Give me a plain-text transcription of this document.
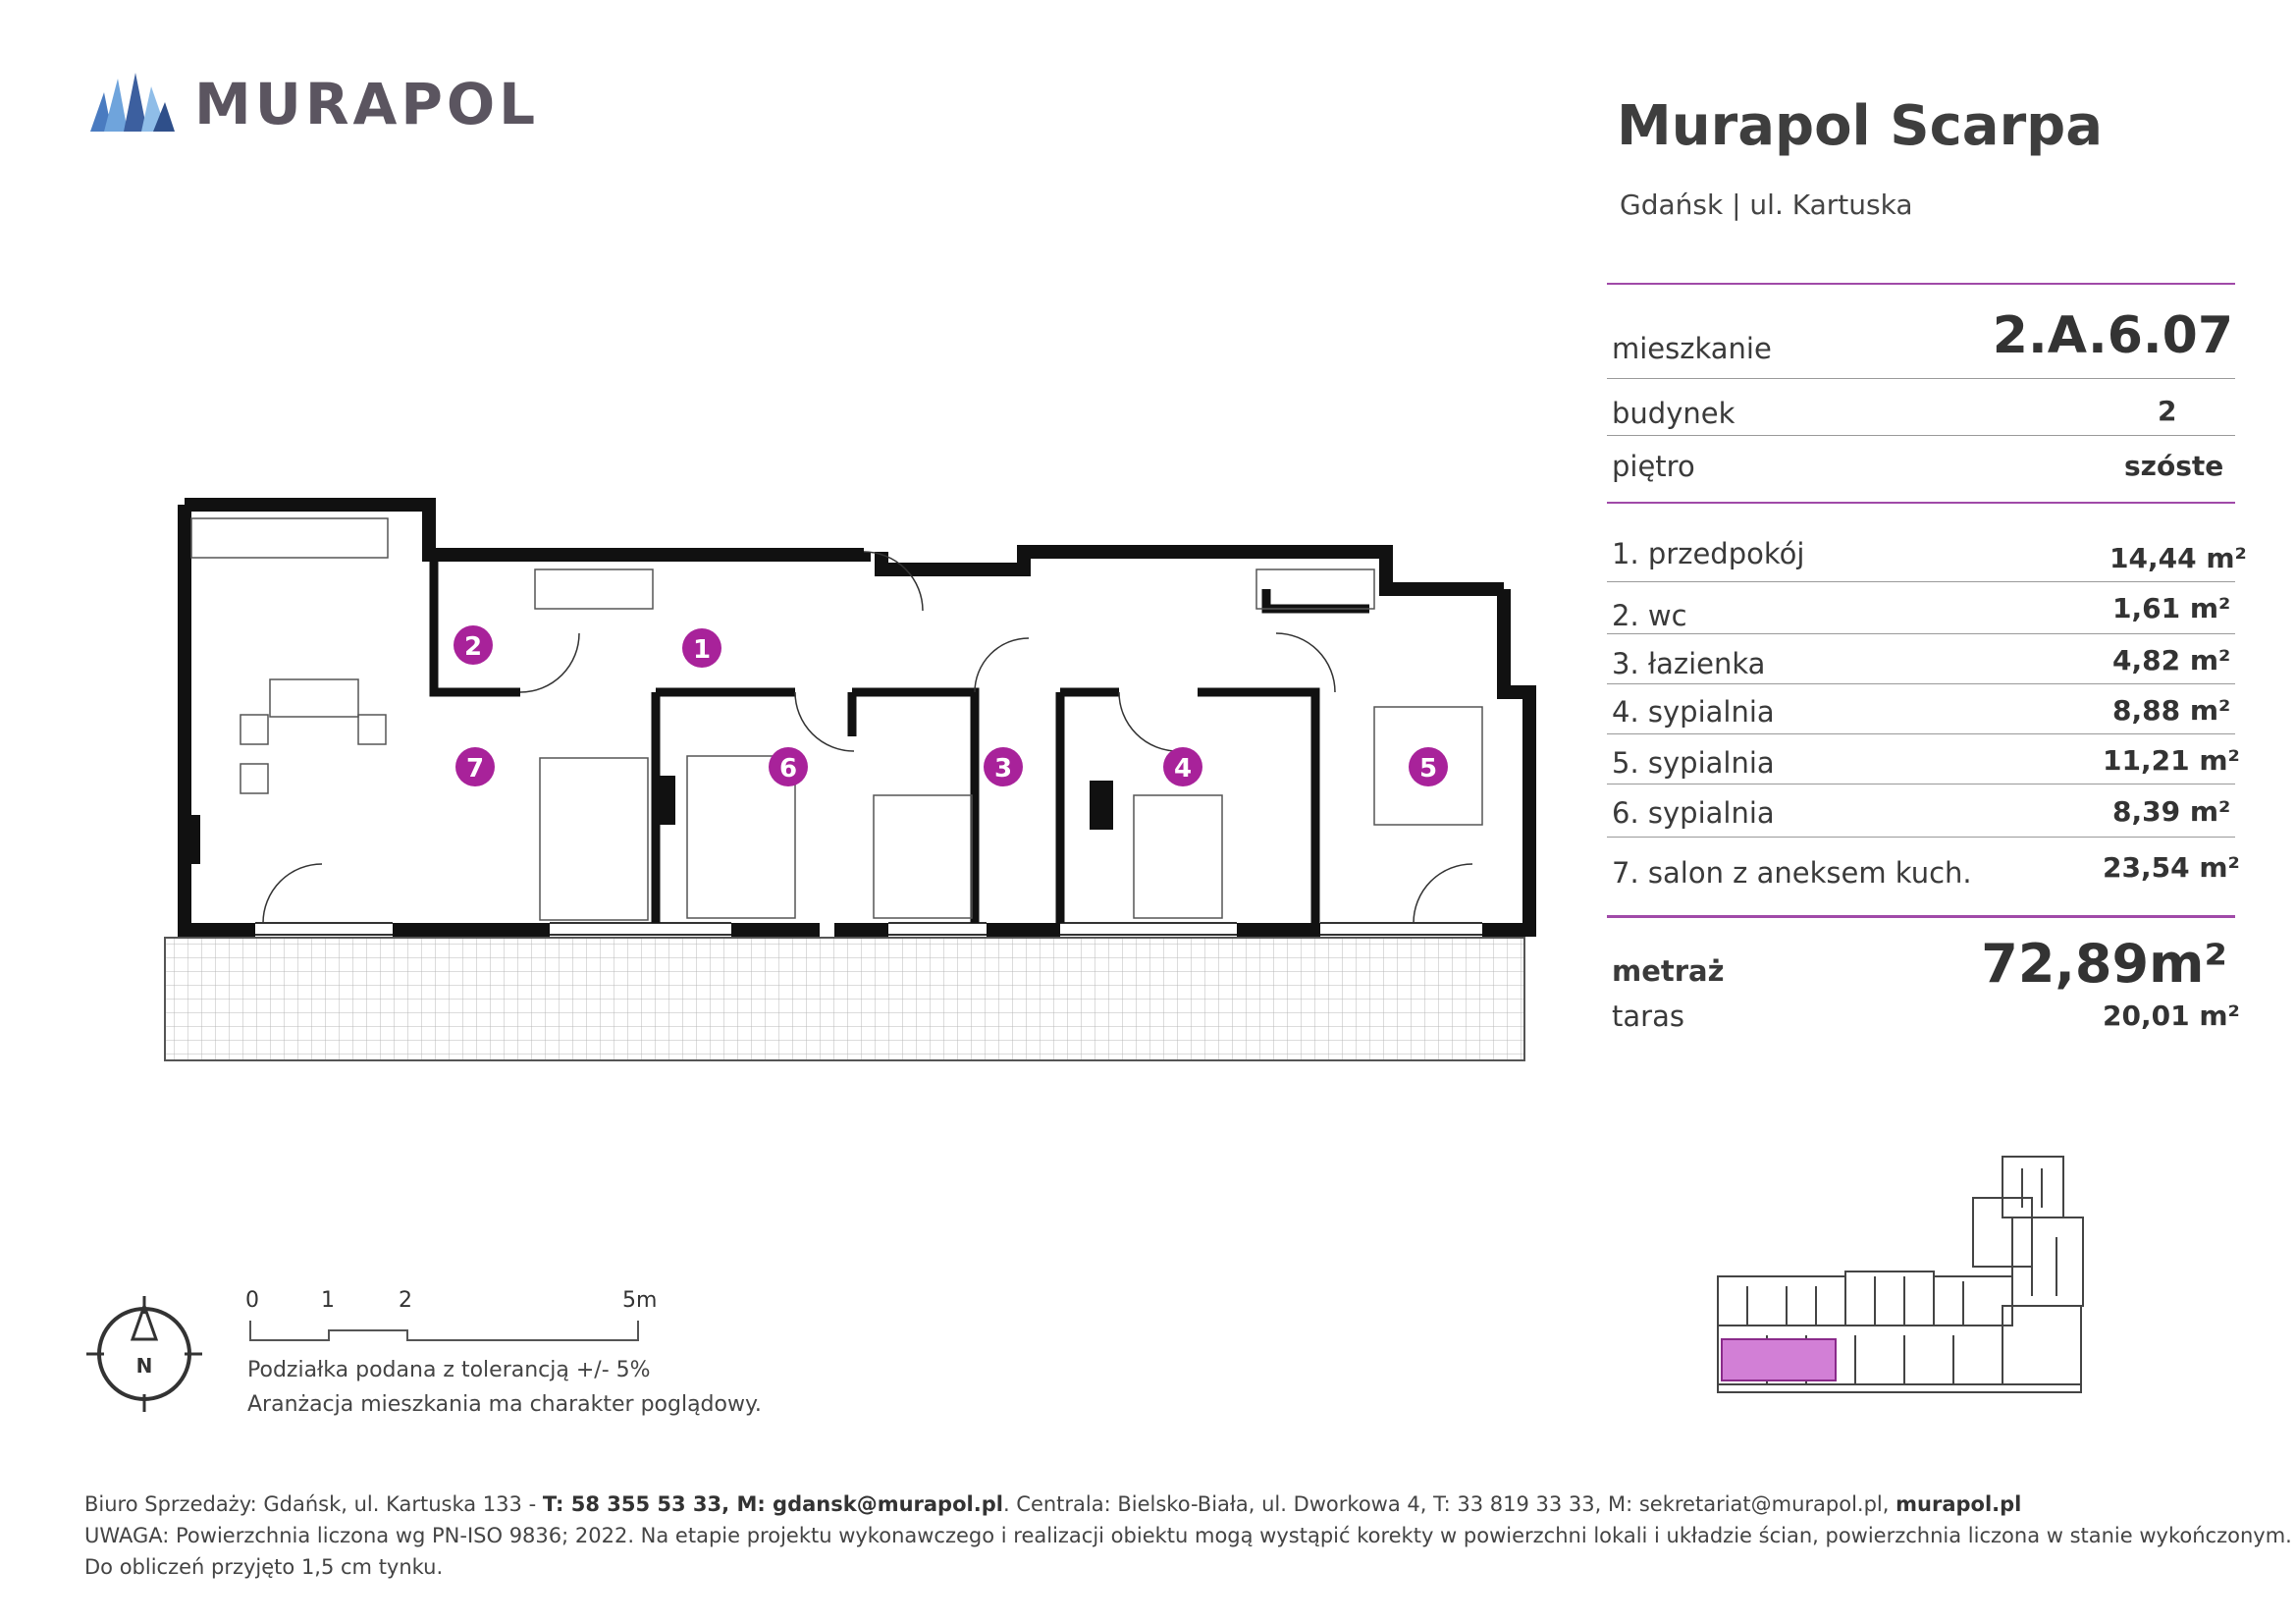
MURAPOL	Murapol Scarpa
Gdańsk | ul. Kartuska
mieszkanie	2.A.6.07
budynek	2
piętro	szóste
1. przedpokój	14,44 m²
2. wc	1,61 m²
3. łazienka	4,82 m²
4. sypialnia	8,88 m²
5. sypialnia	11,21 m²
6. sypialnia	8,39 m²
7. salon z aneksem kuch.	23,54 m²
metraż	72,89m²
taras	20,01 m²
2	1
7	6	3	4	5
N
0	1	2	5m
Podziałka podana z tolerancją +/- 5%
Aranżacja mieszkania ma charakter poglądowy.
Biuro Sprzedaży: Gdańsk, ul. Kartuska 133 - T: 58 355 53 33, M: gdansk@murapol.pl. Centrala: Bielsko-Biała, ul. Dworkowa 4, T: 33 819 33 33, M: sekretariat@murapol.pl, murapol.pl
UWAGA: Powierzchnia liczona wg PN-ISO 9836; 2022. Na etapie projektu wykonawczego i realizacji obiektu mogą wystąpić korekty w powierzchni lokali i układzie ścian, powierzchnia liczona w stanie wykończonym.
Do obliczeń przyjęto 1,5 cm tynku.
